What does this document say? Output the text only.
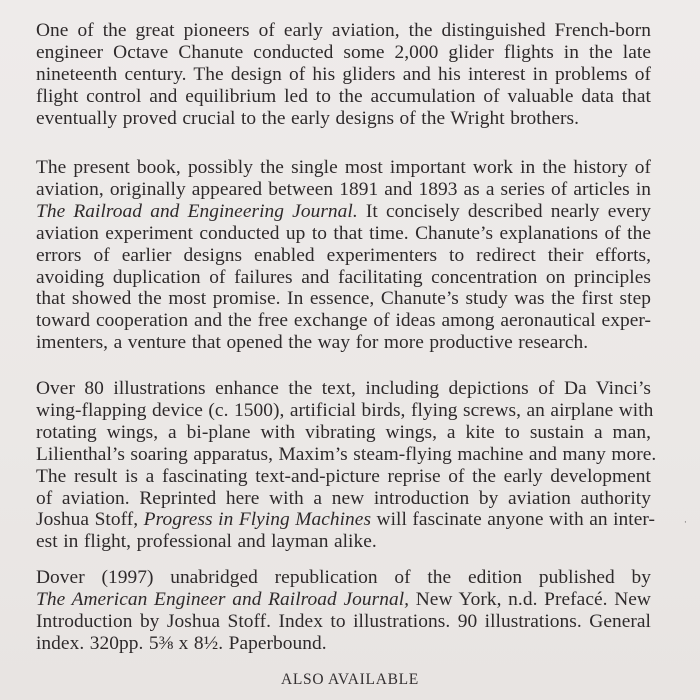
One of the great pioneers of early aviation, the distinguished French-born
engineer Octave Chanute conducted some 2,000 glider flights in the late
nineteenth century. The design of his gliders and his interest in problems of
flight control and equilibrium led to the accumulation of valuable data that
eventually proved crucial to the early designs of the Wright brothers.
The present book, possibly the single most important work in the history of
aviation, originally appeared between 1891 and 1893 as a series of articles in
The Railroad and Engineering Journal. It concisely described nearly every
aviation experiment conducted up to that time. Chanute’s explanations of the
errors of earlier designs enabled experimenters to redirect their efforts,
avoiding duplication of failures and facilitating concentration on principles
that showed the most promise. In essence, Chanute’s study was the first step
toward cooperation and the free exchange of ideas among aeronautical exper-
imenters, a venture that opened the way for more productive research.
Over 80 illustrations enhance the text, including depictions of Da Vinci’s
wing-flapping device (c. 1500), artificial birds, flying screws, an airplane with
rotating wings, a bi-plane with vibrating wings, a kite to sustain a man,
Lilienthal’s soaring apparatus, Maxim’s steam-flying machine and many more.
The result is a fascinating text-and-picture reprise of the early development
of aviation. Reprinted here with a new introduction by aviation authority
Joshua Stoff, Progress in Flying Machines will fascinate anyone with an inter-
est in flight, professional and layman alike.
Dover (1997) unabridged republication of the edition published by
The American Engineer and Railroad Journal, New York, n.d. Prefacé. New
Introduction by Joshua Stoff. Index to illustrations. 90 illustrations. General
index. 320pp. 5⅜ x 8½. Paperbound.

ALSO AVAILABLE

·
